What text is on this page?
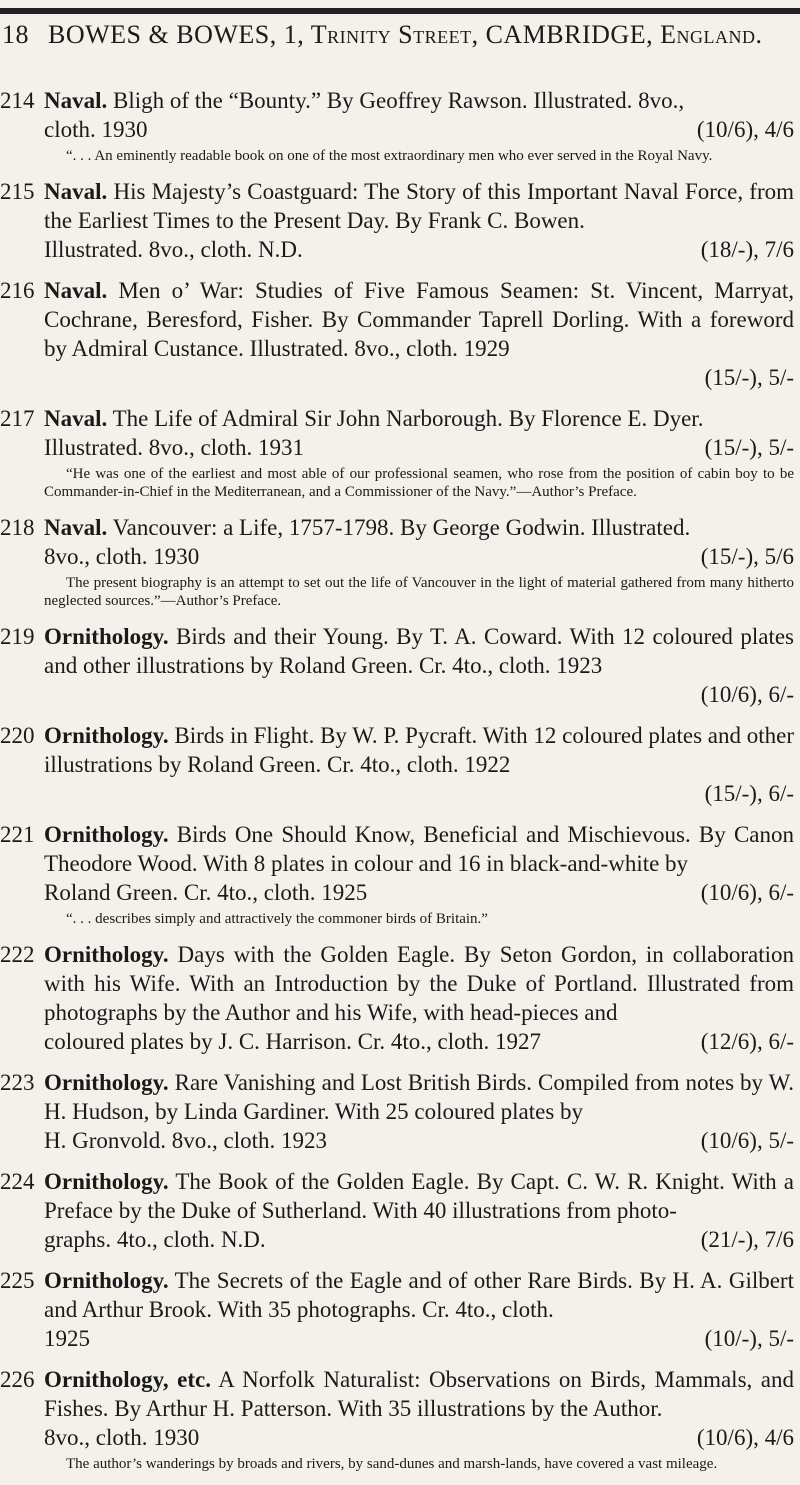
18 BOWES & BOWES, 1, Trinity Street, CAMBRIDGE, England.
214 Naval. Bligh of the “Bounty.” By Geoffrey Rawson. Illustrated. 8vo.,
cloth. 1930	(10/6), 4/6
“. . . An eminently readable book on one of the most extraordinary men who ever served in the Royal Navy.
215 Naval. His Majesty’s Coastguard: The Story of this Important Naval Force, from the Earliest Times to the Present Day. By Frank C. Bowen.
Illustrated. 8vo., cloth. N.D.	(18/-), 7/6
216 Naval. Men o’ War: Studies of Five Famous Seamen: St. Vincent, Marryat, Cochrane, Beresford, Fisher. By Commander Taprell Dorling. With a foreword by Admiral Custance. Illustrated. 8vo., cloth. 1929
(15/-), 5/-
217 Naval. The Life of Admiral Sir John Narborough. By Florence E. Dyer.
Illustrated. 8vo., cloth. 1931	(15/-), 5/-
“He was one of the earliest and most able of our professional seamen, who rose from the position of cabin boy to be Commander-in-Chief in the Mediterranean, and a Commissioner of the Navy.”—Author’s Preface.
218 Naval. Vancouver: a Life, 1757-1798. By George Godwin. Illustrated.
8vo., cloth. 1930	(15/-), 5/6
The present biography is an attempt to set out the life of Vancouver in the light of material gathered from many hitherto neglected sources.”—Author’s Preface.
219 Ornithology. Birds and their Young. By T. A. Coward. With 12 coloured plates and other illustrations by Roland Green. Cr. 4to., cloth. 1923
(10/6), 6/-
220 Ornithology. Birds in Flight. By W. P. Pycraft. With 12 coloured plates and other illustrations by Roland Green. Cr. 4to., cloth. 1922
(15/-), 6/-
221 Ornithology. Birds One Should Know, Beneficial and Mischievous. By Canon Theodore Wood. With 8 plates in colour and 16 in black-and-white by
Roland Green. Cr. 4to., cloth. 1925	(10/6), 6/-
“. . . describes simply and attractively the commoner birds of Britain.”
222 Ornithology. Days with the Golden Eagle. By Seton Gordon, in collaboration with his Wife. With an Introduction by the Duke of Portland. Illustrated from photographs by the Author and his Wife, with head-pieces and
coloured plates by J. C. Harrison. Cr. 4to., cloth. 1927	(12/6), 6/-
223 Ornithology. Rare Vanishing and Lost British Birds. Compiled from notes by W. H. Hudson, by Linda Gardiner. With 25 coloured plates by
H. Gronvold. 8vo., cloth. 1923	(10/6), 5/-
224 Ornithology. The Book of the Golden Eagle. By Capt. C. W. R. Knight. With a Preface by the Duke of Sutherland. With 40 illustrations from photo-
graphs. 4to., cloth. N.D.	(21/-), 7/6
225 Ornithology. The Secrets of the Eagle and of other Rare Birds. By H. A. Gilbert and Arthur Brook. With 35 photographs. Cr. 4to., cloth.
1925	(10/-), 5/-
226 Ornithology, etc. A Norfolk Naturalist: Observations on Birds, Mammals, and Fishes. By Arthur H. Patterson. With 35 illustrations by the Author.
8vo., cloth. 1930	(10/6), 4/6
The author’s wanderings by broads and rivers, by sand-dunes and marsh-lands, have covered a vast mileage.
